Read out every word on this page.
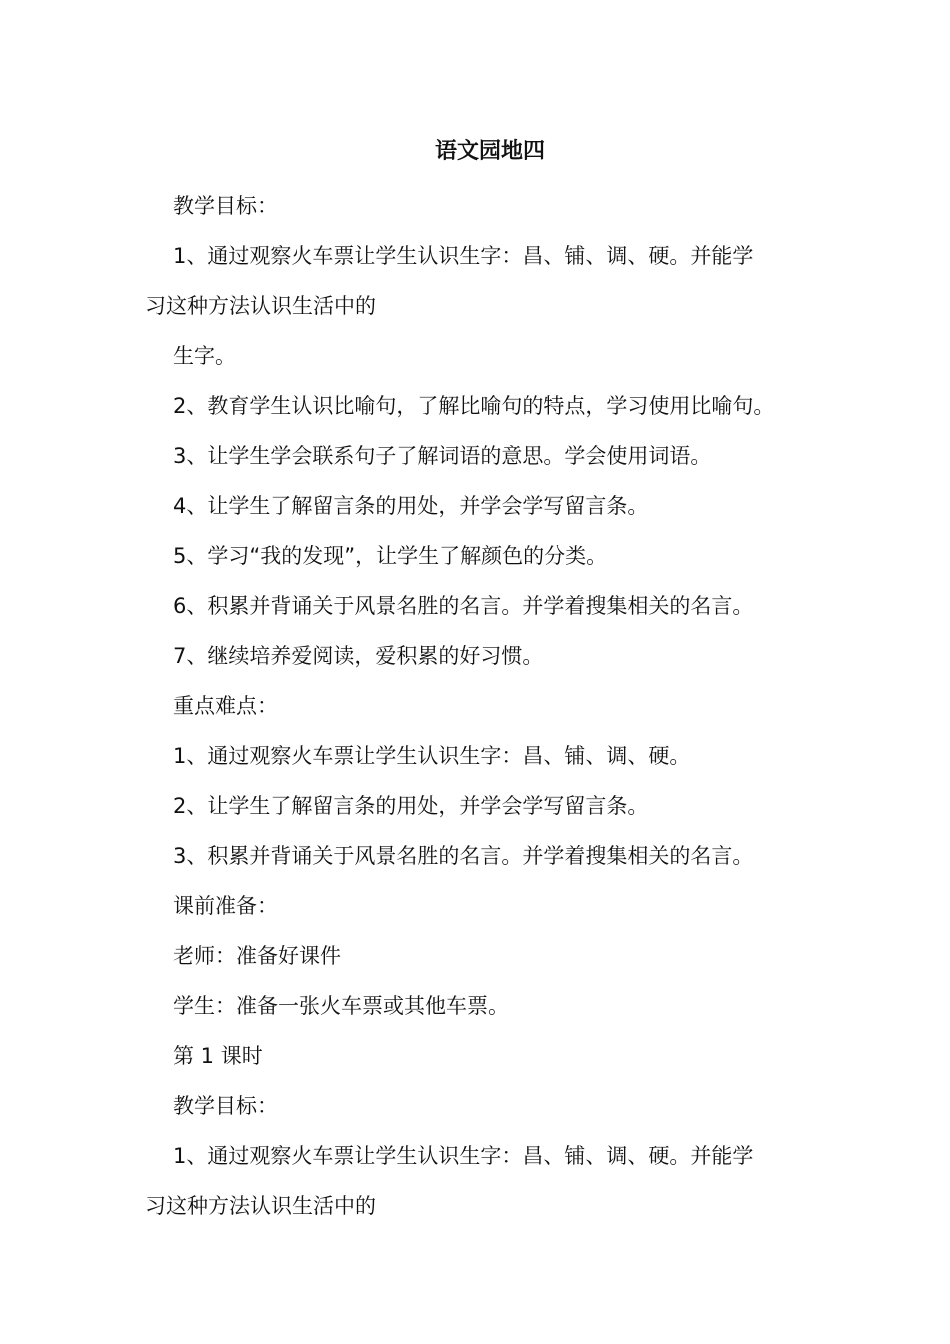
语文园地四

教学目标：

1、通过观察火车票让学生认识生字：昌、铺、调、硬。并能学

习这种方法认识生活中的

生字。

2、教育学生认识比喻句，了解比喻句的特点，学习使用比喻句。

3、让学生学会联系句子了解词语的意思。学会使用词语。

4、让学生了解留言条的用处，并学会学写留言条。

5、学习“我的发现”，让学生了解颜色的分类。

6、积累并背诵关于风景名胜的名言。并学着搜集相关的名言。

7、继续培养爱阅读，爱积累的好习惯。

重点难点：

1、通过观察火车票让学生认识生字：昌、铺、调、硬。

2、让学生了解留言条的用处，并学会学写留言条。

3、积累并背诵关于风景名胜的名言。并学着搜集相关的名言。

课前准备：

老师：准备好课件

学生：准备一张火车票或其他车票。

第 1 课时

教学目标：

1、通过观察火车票让学生认识生字：昌、铺、调、硬。并能学

习这种方法认识生活中的
